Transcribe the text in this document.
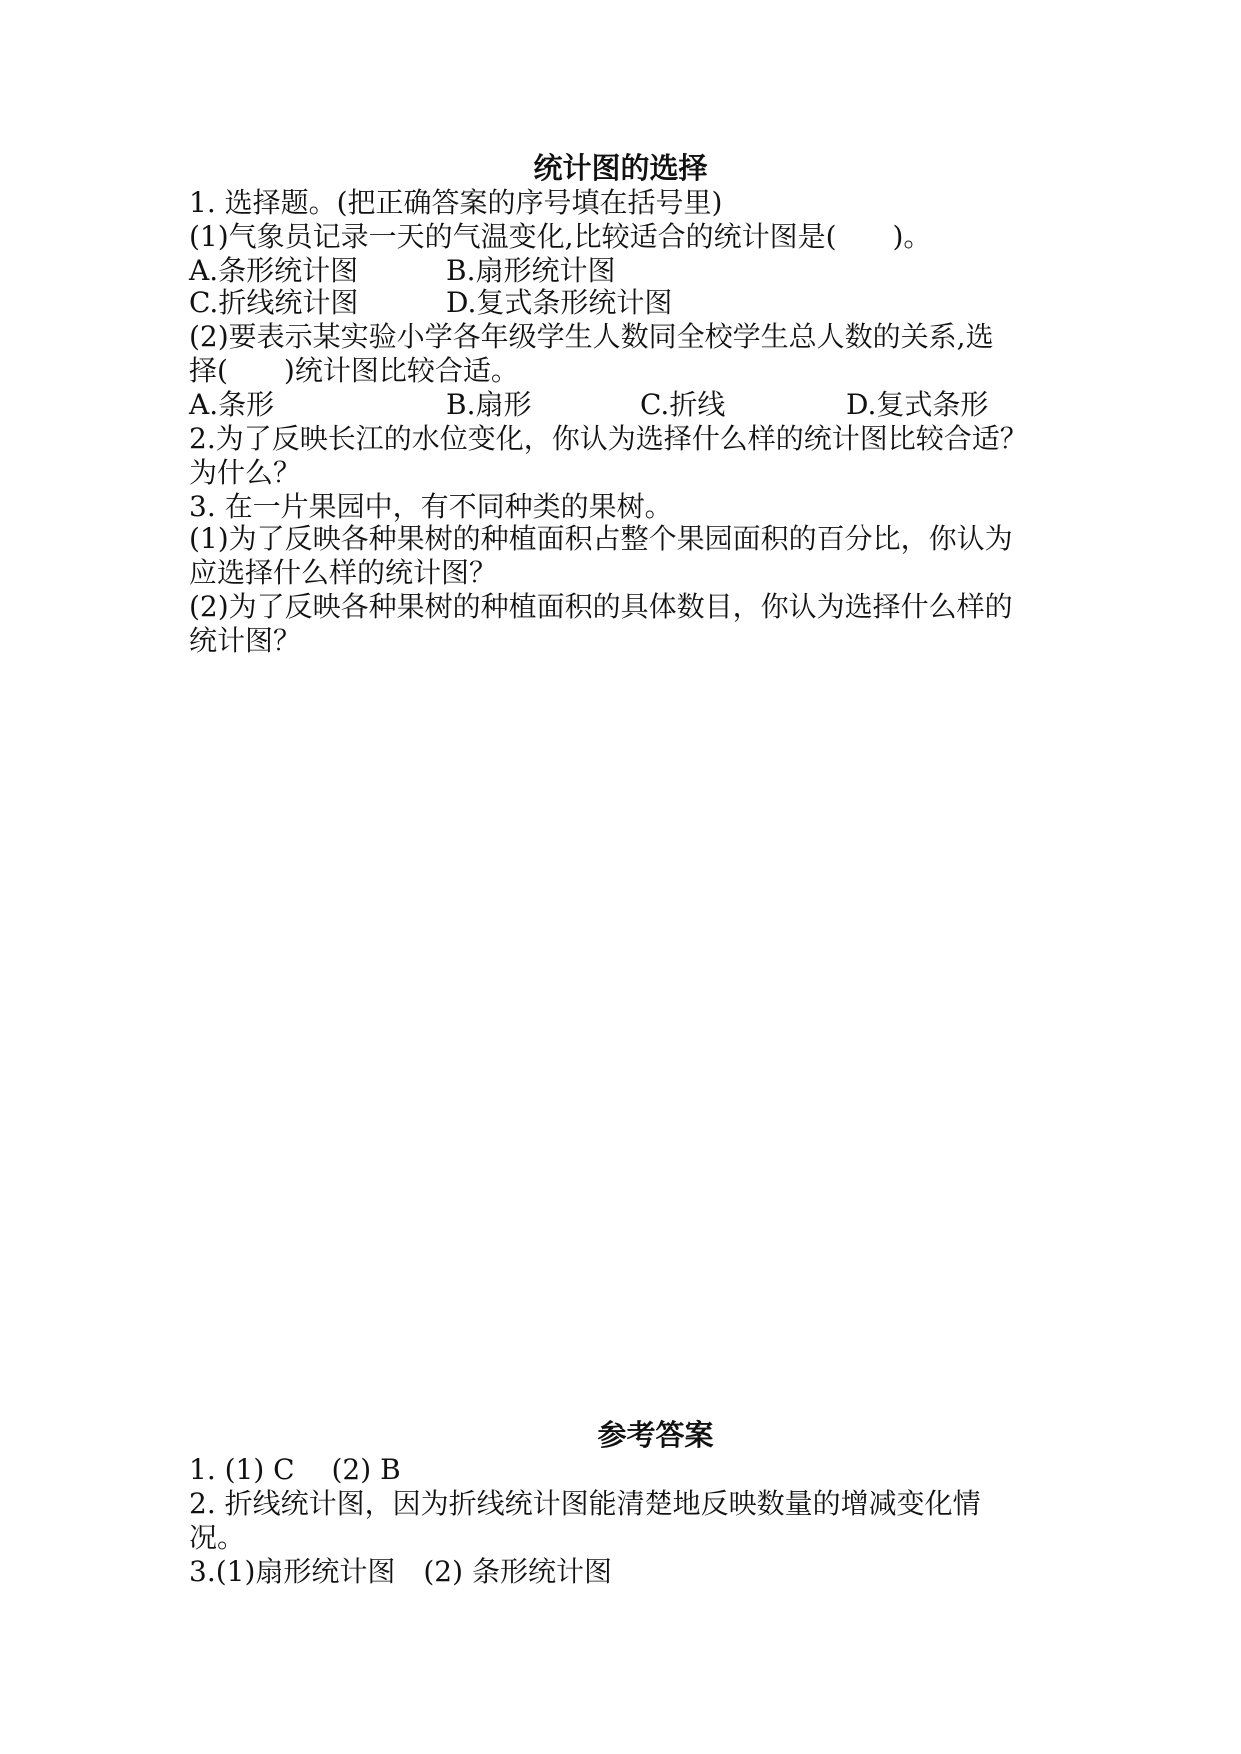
统计图的选择
1. 选择题。(把正确答案的序号填在括号里)
(1)气象员记录一天的气温变化,比较适合的统计图是(　　)。
A.条形统计图	B.扇形统计图
C.折线统计图	D.复式条形统计图
(2)要表示某实验小学各年级学生人数同全校学生总人数的关系,选
择(　　)统计图比较合适。
A.条形	B.扇形	C.折线	D.复式条形
2.为了反映长江的水位变化，你认为选择什么样的统计图比较合适？
为什么？
3. 在一片果园中，有不同种类的果树。
(1)为了反映各种果树的种植面积占整个果园面积的百分比，你认为
应选择什么样的统计图？
(2)为了反映各种果树的种植面积的具体数目，你认为选择什么样的
统计图？
参考答案
1. (1) C　 (2) B
2. 折线统计图，因为折线统计图能清楚地反映数量的增减变化情
况。
3.(1)扇形统计图　(2) 条形统计图
